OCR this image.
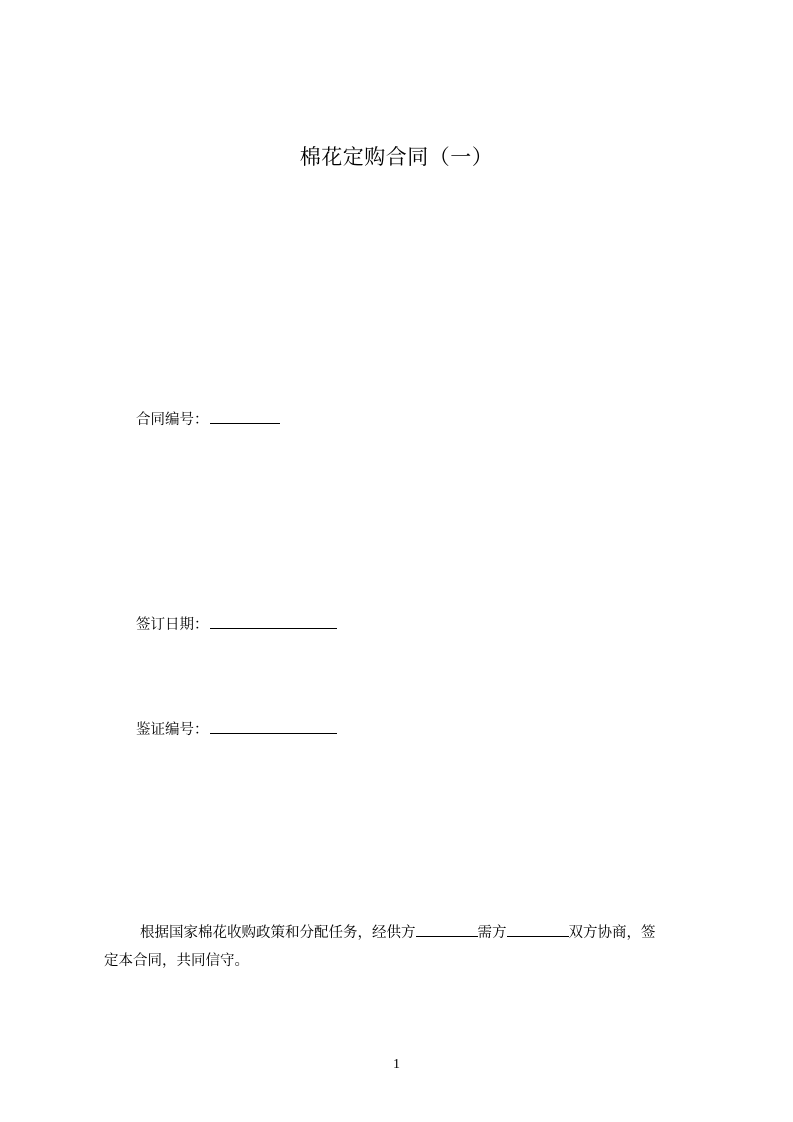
棉花定购合同（一）
合同编号：
签订日期：
鉴证编号：
根据国家棉花收购政策和分配任务，经供方	需方	双方协商，签
定本合同，共同信守。
1
